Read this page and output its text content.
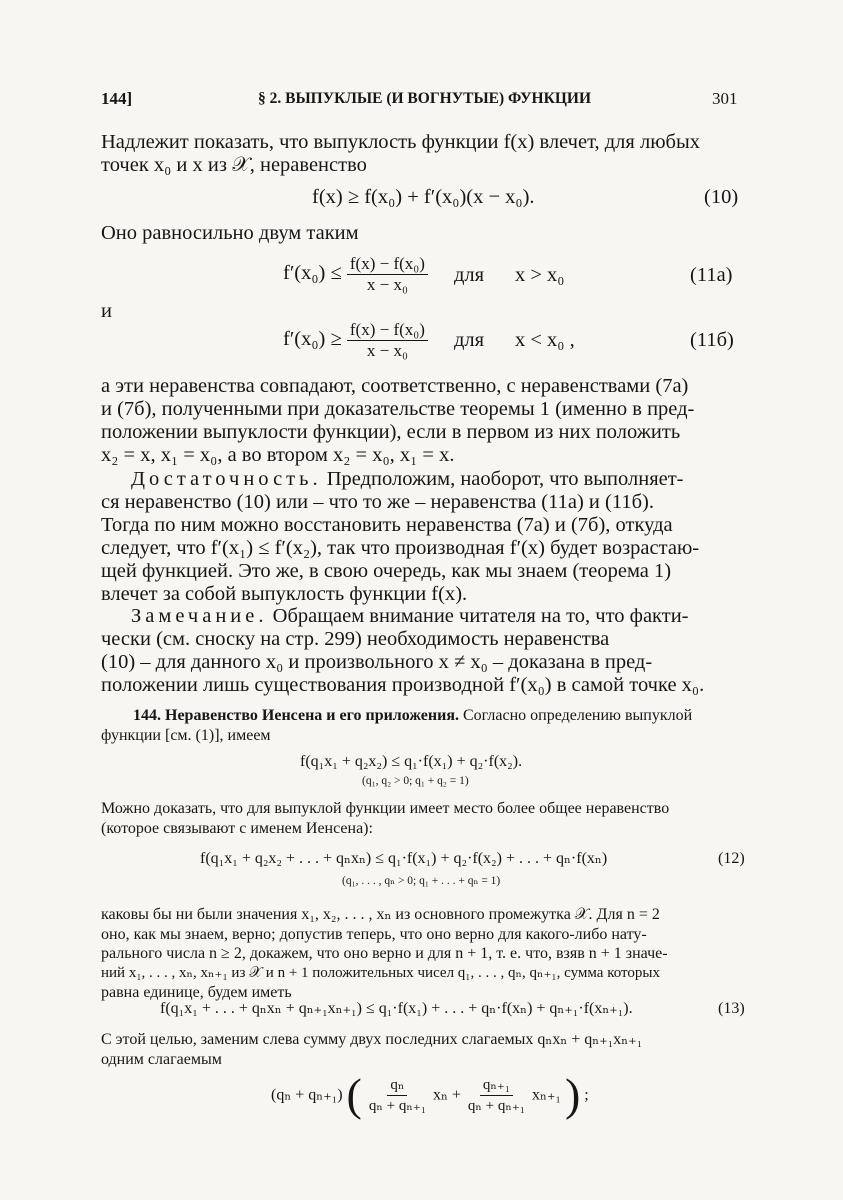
144]	§ 2. ВЫПУКЛЫЕ (И ВОГНУТЫЕ) ФУНКЦИИ	301
Надлежит показать, что выпуклость функции f(x) влечет, для любых
точек x₀ и x из 𝒳, неравенство
f(x) ≥ f(x₀) + f′(x₀)(x − x₀).	(10)
Оно равносильно двум таким
$f'(x_0) \le \frac{\text{f(x) − f(x₀)}}{\text{x − x₀}}$ для x > x₀	(11а)
и
$f'(x_0) \ge \frac{\text{f(x) − f(x₀)}}{\text{x − x₀}}$ для x < x₀ ,	(11б)
а эти неравенства совпадают, соответственно, с неравенствами (7а)
и (7б), полученными при доказательстве теоремы 1 (именно в пред-
положении выпуклости функции), если в первом из них положить
x₂ = x, x₁ = x₀, а во втором x₂ = x₀, x₁ = x.
Достаточность. Предположим, наоборот, что выполняет-
ся неравенство (10) или – что то же – неравенства (11а) и (11б).
Тогда по ним можно восстановить неравенства (7а) и (7б), откуда
следует, что f′(x₁) ≤ f′(x₂), так что производная f′(x) будет возрастаю-
щей функцией. Это же, в свою очередь, как мы знаем (теорема 1)
влечет за собой выпуклость функции f(x).
Замечание. Обращаем внимание читателя на то, что факти-
чески (см. сноску на стр. 299) необходимость неравенства
(10) – для данного x₀ и произвольного x ≠ x₀ – доказана в пред-
положении лишь существования производной f′(x₀) в самой точке x₀.
144. Неравенство Иенсена и его приложения. Согласно определению выпуклой
функции [см. (1)], имеем
f(q₁x₁ + q₂x₂) ≤ q₁·f(x₁) + q₂·f(x₂).
(q₁, q₂ > 0; q₁ + q₂ = 1)
Можно доказать, что для выпуклой функции имеет место более общее неравенство
(которое связывают с именем Иенсена):
f(q₁x₁ + q₂x₂ + . . . + qₙxₙ) ≤ q₁·f(x₁) + q₂·f(x₂) + . . . + qₙ·f(xₙ)	(12)
(q₁, . . . , qₙ > 0; q₁ + . . . + qₙ = 1)
каковы бы ни были значения x₁, x₂, . . . , xₙ из основного промежутка 𝒳. Для n = 2
оно, как мы знаем, верно; допустив теперь, что оно верно для какого-либо нату-
рального числа n ≥ 2, докажем, что оно верно и для n + 1, т. е. что, взяв n + 1 значе-
ний x₁, . . . , xₙ, xₙ₊₁ из 𝒳 и n + 1 положительных чисел q₁, . . . , qₙ, qₙ₊₁, сумма которых
равна единице, будем иметь
f(q₁x₁ + . . . + qₙxₙ + qₙ₊₁xₙ₊₁) ≤ q₁·f(x₁) + . . . + qₙ·f(xₙ) + qₙ₊₁·f(xₙ₊₁).	(13)
С этой целью, заменим слева сумму двух последних слагаемых qₙxₙ + qₙ₊₁xₙ₊₁
одним слагаемым
(qₙ + qₙ₊₁) ( $\frac{\text{qₙ}}{\text{qₙ + qₙ₊₁}}$ $x_n + \frac{\text{qₙ₊₁}}{\text{qₙ + qₙ₊₁}} x_{n+1}$ ) ;
